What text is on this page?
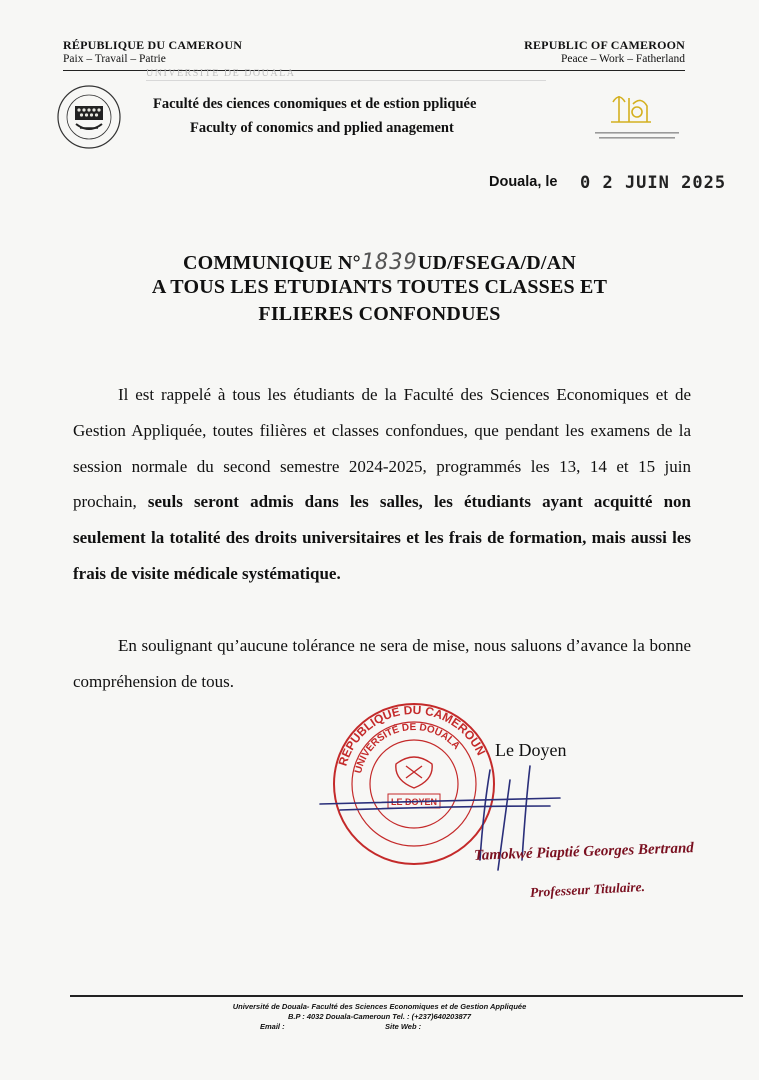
RÉPUBLIQUE DU CAMEROUN
Paix – Travail – Patrie
REPUBLIC OF CAMEROON
Peace – Work – Fatherland
UNIVERSITE DE DOUALA
Faculté des ciences conomiques et de estion ppliquée
Faculty of conomics and pplied anagement
Douala, le 0 2 JUIN 2025
COMMUNIQUE N°1839UD/FSEGA/D/AN
A TOUS LES ETUDIANTS TOUTES CLASSES ET
FILIERES CONFONDUES
Il est rappelé à tous les étudiants de la Faculté des Sciences Economiques et de Gestion Appliquée, toutes filières et classes confondues, que pendant les examens de la session normale du second semestre 2024-2025, programmés les 13, 14 et 15 juin prochain, seuls seront admis dans les salles, les étudiants ayant acquitté non seulement la totalité des droits universitaires et les frais de formation, mais aussi les frais de visite médicale systématique.
En soulignant qu’aucune tolérance ne sera de mise, nous saluons d’avance la bonne compréhension de tous.
RÉPUBLIQUE DU CAMEROUN
UNIVERSITÉ DE DOUALA
LE DOYEN
Le Doyen
Tamokwé Piaptié Georges Bertrand
Professeur Titulaire.
Université de Douala- Faculté des Sciences Economiques et de Gestion Appliquée
B.P : 4032 Douala-Cameroun Tel. : (+237)640203877
Email :	Site Web :
